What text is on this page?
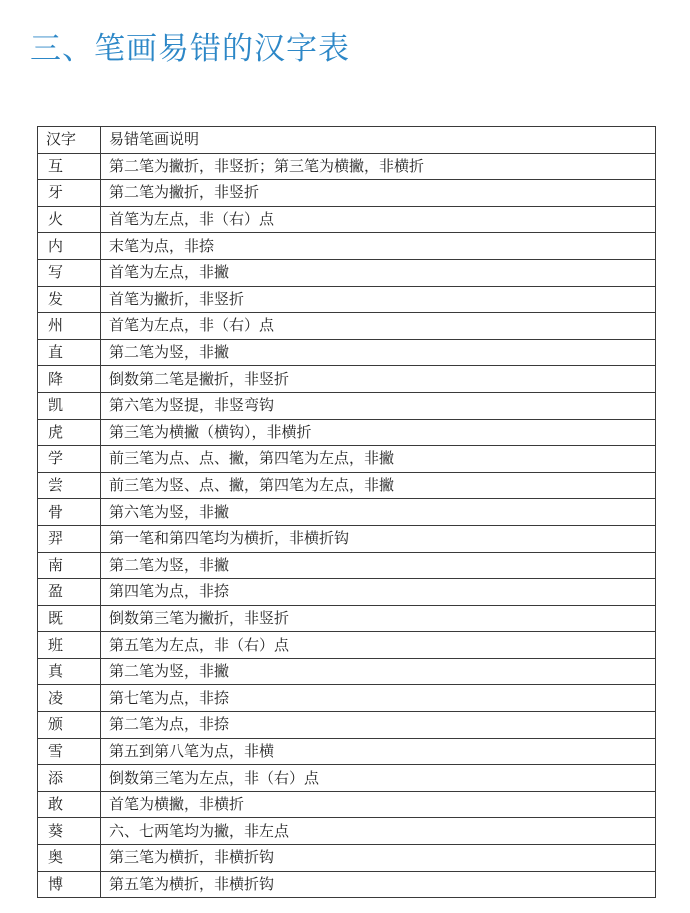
三、笔画易错的汉字表
汉字	易错笔画说明
互	第二笔为撇折，非竖折；第三笔为横撇，非横折
牙	第二笔为撇折，非竖折
火	首笔为左点，非（右）点
内	末笔为点，非捺
写	首笔为左点，非撇
发	首笔为撇折，非竖折
州	首笔为左点，非（右）点
直	第二笔为竖，非撇
降	倒数第二笔是撇折，非竖折
凯	第六笔为竖提，非竖弯钩
虎	第三笔为横撇（横钩），非横折
学	前三笔为点、点、撇，第四笔为左点，非撇
尝	前三笔为竖、点、撇，第四笔为左点，非撇
骨	第六笔为竖，非撇
羿	第一笔和第四笔均为横折，非横折钩
南	第二笔为竖，非撇
盈	第四笔为点，非捺
既	倒数第三笔为撇折，非竖折
班	第五笔为左点，非（右）点
真	第二笔为竖，非撇
凌	第七笔为点，非捺
颁	第二笔为点，非捺
雪	第五到第八笔为点，非横
添	倒数第三笔为左点，非（右）点
敢	首笔为横撇，非横折
葵	六、七两笔均为撇，非左点
奥	第三笔为横折，非横折钩
博	第五笔为横折，非横折钩
